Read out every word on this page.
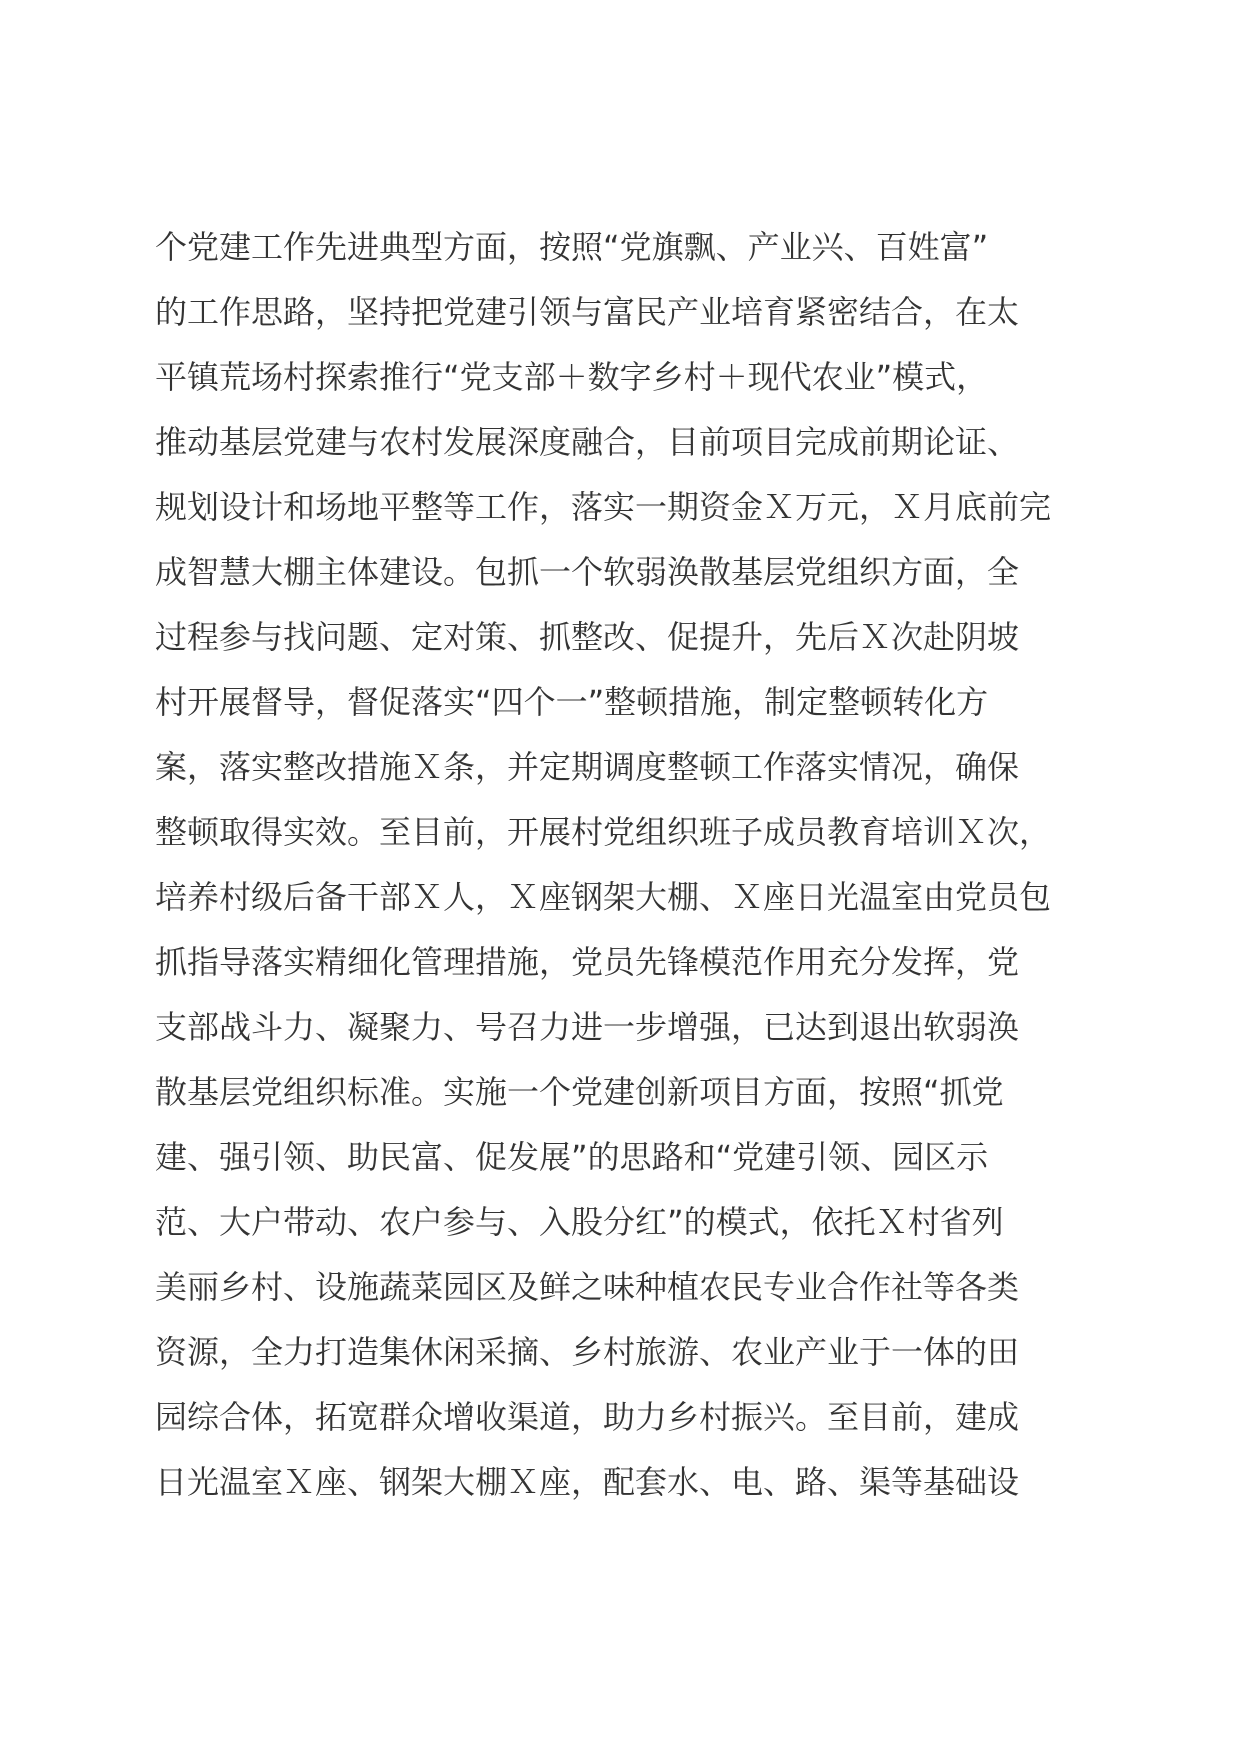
个党建工作先进典型方面，按照“党旗飘、产业兴、百姓富”
的工作思路，坚持把党建引领与富民产业培育紧密结合，在太
平镇荒场村探索推行“党支部＋数字乡村＋现代农业”模式，
推动基层党建与农村发展深度融合，目前项目完成前期论证、
规划设计和场地平整等工作，落实一期资金Ｘ万元，Ｘ月底前完
成智慧大棚主体建设。包抓一个软弱涣散基层党组织方面，全
过程参与找问题、定对策、抓整改、促提升，先后Ｘ次赴阴坡
村开展督导，督促落实“四个一”整顿措施，制定整顿转化方
案，落实整改措施Ｘ条，并定期调度整顿工作落实情况，确保
整顿取得实效。至目前，开展村党组织班子成员教育培训Ｘ次，
培养村级后备干部Ｘ人，Ｘ座钢架大棚、Ｘ座日光温室由党员包
抓指导落实精细化管理措施，党员先锋模范作用充分发挥，党
支部战斗力、凝聚力、号召力进一步增强，已达到退出软弱涣
散基层党组织标准。实施一个党建创新项目方面，按照“抓党
建、强引领、助民富、促发展”的思路和“党建引领、园区示
范、大户带动、农户参与、入股分红”的模式，依托Ｘ村省列
美丽乡村、设施蔬菜园区及鲜之味种植农民专业合作社等各类
资源，全力打造集休闲采摘、乡村旅游、农业产业于一体的田
园综合体，拓宽群众增收渠道，助力乡村振兴。至目前，建成
日光温室Ｘ座、钢架大棚Ｘ座，配套水、电、路、渠等基础设
